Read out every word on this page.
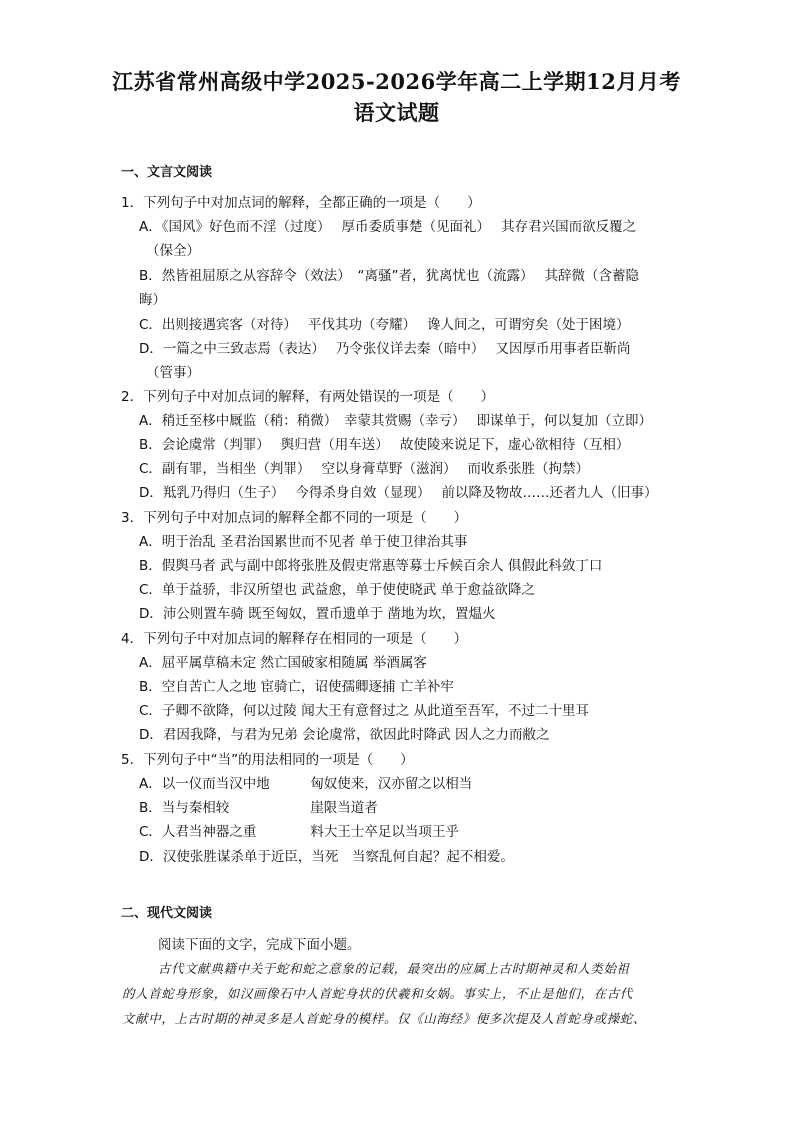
江苏省常州高级中学2025-2026学年高二上学期12月月考
语文试题
一、文言文阅读
1．下列句子中对加点词的解释，全都正确的一项是（　　）
A．《国风》好色而不淫（过度）　 厚币委质事楚（见面礼）　 其存君兴国而欲反覆之
（保全）
B．然皆祖屈原之从容辞令（效法）　“离骚”者，犹离忧也（流露）　 其辞微（含蓄隐
晦）
C．出则接遇宾客（对待）　 平伐其功（夸耀）　 谗人间之，可谓穷矣（处于困境）
D．一篇之中三致志焉（表达）　 乃令张仪详去秦（暗中）　 又因厚币用事者臣靳尚
（管事）
2．下列句子中对加点词的解释，有两处错误的一项是（　　）
A．稍迁至栘中厩监（稍：稍微）　幸蒙其赏赐（幸亏）　 即谋单于，何以复加（立即）
B．会论虞常（判罪）　 舆归营（用车送）　 故使陵来说足下，虚心欲相待（互相）
C．副有罪，当相坐（判罪）　 空以身膏草野（滋润）　 而收系张胜（拘禁）
D．羝乳乃得归（生子）　 今得杀身自效（显现）　 前以降及物故……还者九人（旧事）
3．下列句子中对加点词的解释全都不同的一项是（　　）
A．明于治乱 圣君治国累世而不见者 单于使卫律治其事
B．假舆马者 武与副中郎将张胜及假吏常惠等募士斥候百余人 俱假此科敛丁口
C．单于益骄，非汉所望也 武益愈，单于使使晓武 单于愈益欲降之
D．沛公则置车骑 既至匈奴，置币遗单于 凿地为坎，置煴火
4．下列句子中对加点词的解释存在相同的一项是（　　）
A．屈平属草稿未定 然亡国破家相随属 举酒属客
B．空自苦亡人之地 宦骑亡，诏使孺卿逐捕 亡羊补牢
C．子卿不欲降，何以过陵 闻大王有意督过之 从此道至吾军，不过二十里耳
D．君因我降，与君为兄弟 会论虞常，欲因此时降武 因人之力而敝之
5．下列句子中“当”的用法相同的一项是（　　）
A．以一仪而当汉中地　　　匈奴使来，汉亦留之以相当
B．当与秦相较　　　　　　崖限当道者
C．人君当神器之重　　　　料大王士卒足以当项王乎
D．汉使张胜谋杀单于近臣，当死　当察乱何自起？起不相爱。
二、现代文阅读
阅读下面的文字，完成下面小题。
古代文献典籍中关于蛇和蛇之意象的记载，最突出的应属上古时期神灵和人类始祖
的人首蛇身形象，如汉画像石中人首蛇身状的伏羲和女娲。事实上，不止是他们，在古代
文献中，上古时期的神灵多是人首蛇身的模样。仅《山海经》便多次提及人首蛇身或操蛇、
